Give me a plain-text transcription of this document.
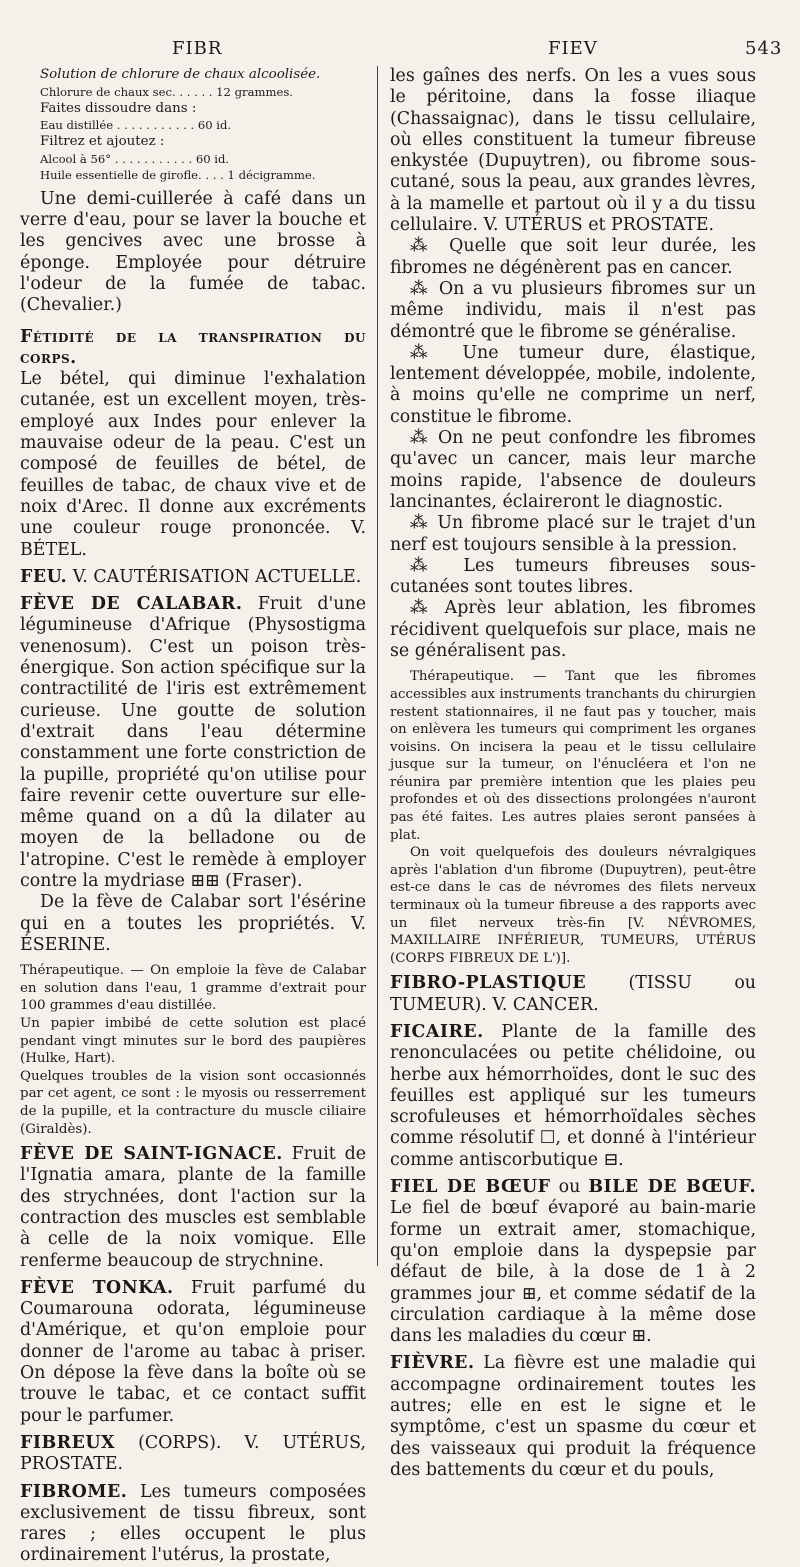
FIBR	FIEV	543

Solution de chlorure de chaux alcoolisée.

Chlorure de chaux sec. . . . . . 12 grammes.

Faites dissoudre dans :

Eau distillée . . . . . . . . . . . 60 id.

Filtrez et ajoutez :

Alcool à 56° . . . . . . . . . . . 60 id.

Huile essentielle de girofle. . . . 1 décigramme.

Une demi-cuillerée à café dans un verre d'eau, pour se laver la bouche et les gencives avec une brosse à éponge. Employée pour détruire l'odeur de la fumée de tabac. (Chevalier.)

Fétidité de la transpiration du corps.

Le bétel, qui diminue l'exhalation cutanée, est un excellent moyen, très-employé aux Indes pour enlever la mauvaise odeur de la peau. C'est un composé de feuilles de bétel, de feuilles de tabac, de chaux vive et de noix d'Arec. Il donne aux excréments une couleur rouge prononcée. V. BÉTEL.

FEU. V. CAUTÉRISATION ACTUELLE.

FÈVE DE CALABAR. Fruit d'une légumineuse d'Afrique (Physostigma venenosum). C'est un poison très-énergique. Son action spécifique sur la contractilité de l'iris est extrêmement curieuse. Une goutte de solution d'extrait dans l'eau détermine constamment une forte constriction de la pupille, propriété qu'on utilise pour faire revenir cette ouverture sur elle-même quand on a dû la dilater au moyen de la belladone ou de l'atropine. C'est le remède à employer contre la mydriase ⊞⊞ (Fraser).

De la fève de Calabar sort l'ésérine qui en a toutes les propriétés. V. ÉSERINE.

Thérapeutique. — On emploie la fève de Calabar en solution dans l'eau, 1 gramme d'extrait pour 100 grammes d'eau distillée.

Un papier imbibé de cette solution est placé pendant vingt minutes sur le bord des paupières (Hulke, Hart).

Quelques troubles de la vision sont occasionnés par cet agent, ce sont : le myosis ou resserrement de la pupille, et la contracture du muscle ciliaire (Giraldès).

FÈVE DE SAINT-IGNACE. Fruit de l'Ignatia amara, plante de la famille des strychnées, dont l'action sur la contraction des muscles est semblable à celle de la noix vomique. Elle renferme beaucoup de strychnine.

FÈVE TONKA. Fruit parfumé du Coumarouna odorata, légumineuse d'Amérique, et qu'on emploie pour donner de l'arome au tabac à priser. On dépose la fève dans la boîte où se trouve le tabac, et ce contact suffit pour le parfumer.

FIBREUX (CORPS). V. UTÉRUS, PROSTATE.

FIBROME. Les tumeurs composées exclusivement de tissu fibreux, sont rares ; elles occupent le plus ordinairement l'utérus, la prostate,

les gaînes des nerfs. On les a vues sous le péritoine, dans la fosse iliaque (Chassaignac), dans le tissu cellulaire, où elles constituent la tumeur fibreuse enkystée (Dupuytren), ou fibrome sous-cutané, sous la peau, aux grandes lèvres, à la mamelle et partout où il y a du tissu cellulaire. V. UTÉRUS et PROSTATE.

⁂ Quelle que soit leur durée, les fibromes ne dégénèrent pas en cancer.

⁂ On a vu plusieurs fibromes sur un même individu, mais il n'est pas démontré que le fibrome se généralise.

⁂ Une tumeur dure, élastique, lentement développée, mobile, indolente, à moins qu'elle ne comprime un nerf, constitue le fibrome.

⁂ On ne peut confondre les fibromes qu'avec un cancer, mais leur marche moins rapide, l'absence de douleurs lancinantes, éclaireront le diagnostic.

⁂ Un fibrome placé sur le trajet d'un nerf est toujours sensible à la pression.

⁂ Les tumeurs fibreuses sous-cutanées sont toutes libres.

⁂ Après leur ablation, les fibromes récidivent quelquefois sur place, mais ne se généralisent pas.

Thérapeutique. — Tant que les fibromes accessibles aux instruments tranchants du chirurgien restent stationnaires, il ne faut pas y toucher, mais on enlèvera les tumeurs qui compriment les organes voisins. On incisera la peau et le tissu cellulaire jusque sur la tumeur, on l'énucléera et l'on ne réunira par première intention que les plaies peu profondes et où des dissections prolongées n'auront pas été faites. Les autres plaies seront pansées à plat.

On voit quelquefois des douleurs névralgiques après l'ablation d'un fibrome (Dupuytren), peut-être est-ce dans le cas de névromes des filets nerveux terminaux où la tumeur fibreuse a des rapports avec un filet nerveux très-fin [V. NÉVROMES, MAXILLAIRE INFÉRIEUR, TUMEURS, UTÉRUS (CORPS FIBREUX DE L')].

FIBRO-PLASTIQUE (TISSU ou TUMEUR). V. CANCER.

FICAIRE. Plante de la famille des renonculacées ou petite chélidoine, ou herbe aux hémorrhoïdes, dont le suc des feuilles est appliqué sur les tumeurs scrofuleuses et hémorrhoïdales sèches comme résolutif ☐, et donné à l'intérieur comme antiscorbutique ⊟.

FIEL DE BŒUF ou BILE DE BŒUF. Le fiel de bœuf évaporé au bain-marie forme un extrait amer, stomachique, qu'on emploie dans la dyspepsie par défaut de bile, à la dose de 1 à 2 grammes jour ⊞, et comme sédatif de la circulation cardiaque à la même dose dans les maladies du cœur ⊞.

FIÈVRE. La fièvre est une maladie qui accompagne ordinairement toutes les autres; elle en est le signe et le symptôme, c'est un spasme du cœur et des vaisseaux qui produit la fréquence des battements du cœur et du pouls,
